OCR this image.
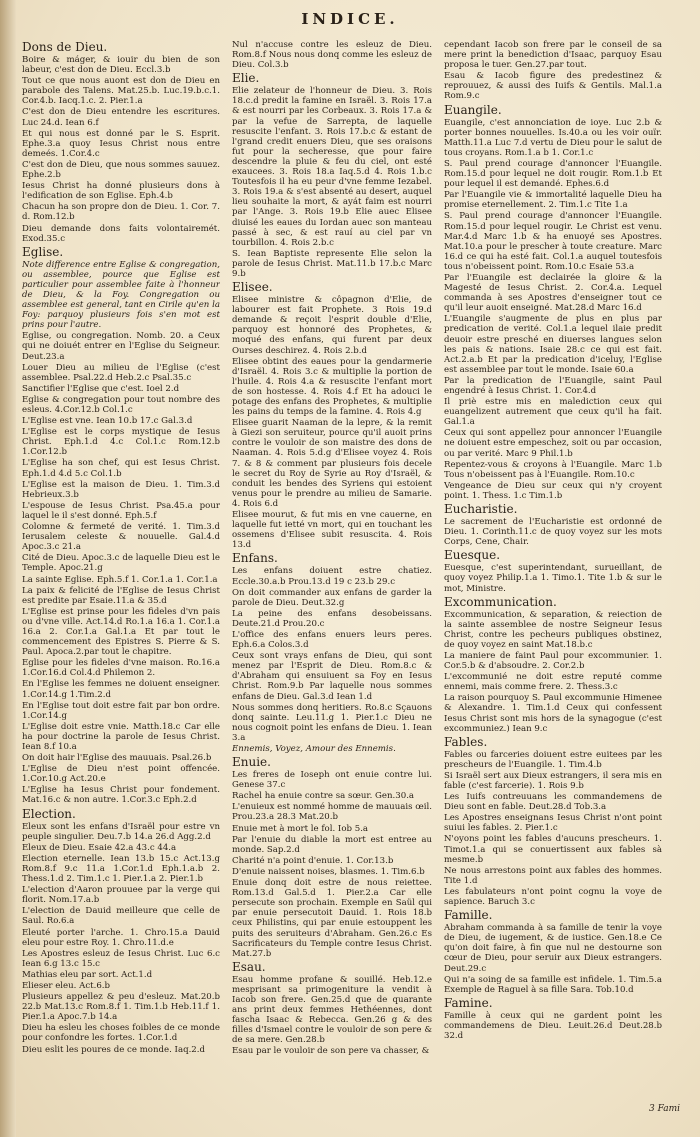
INDICE.

Dons de Dieu.

Boire & máger, & iouir du bien de son labeur, c'est don de Dieu. Eccl.3.b

Tout ce que nous auont est don de Dieu en parabole des Talens. Mat.25.b. Luc.19.b.c.1. Cor.4.b. Iacq.1.c. 2. Pier.1.a

C'est don de Dieu entendre les escritures. Luc 24.d. Iean 6.f

Et qui nous est donné par le S. Esprit. Ephe.3.a quoy Iesus Christ nous entre demeés. 1.Cor.4.c

C'est don de Dieu, que nous sommes sauuez. Ephe.2.b

Iesus Christ ha donné plusieurs dons à l'edification de son Eglise. Eph.4.b

Chacun ha son propre don de Dieu. 1. Cor. 7. d. Rom.12.b

Dieu demande dons faits volontairemét. Exod.35.c

Eglise.

Note difference entre Eglise & congregation, ou assemblee, pource que Eglise est particulier pour assemblee faite à l'honneur de Dieu, & la Foy. Congregation ou assemblee est general, tant en Cirile qu'en la Foy: parquoy plusieurs fois s'en mot est prins pour l'autre.

Eglise, ou congregation. Nomb. 20. a Ceux qui ne doiuét entrer en l'Eglise du Seigneur. Deut.23.a

Louer Dieu au milieu de l'Eglise (c'est assemblee. Psal.22.d Heb.2.c Psal.35.c

Sanctifier l'Eglise que c'est. Ioel 2.d

Eglise & congregation pour tout nombre des esleus. 4.Cor.12.b Col.1.c

L'Eglise est vne. Iean 10.b 17.c Gal.3.d

L'Eglise est le corps mystique de Iesus Christ. Eph.1.d 4.c Col.1.c Rom.12.b 1.Cor.12.b

L'Eglise ha son chef, qui est Iesus Christ. Eph.1.d 4.d 5.c Col.1.b

L'Eglise est la maison de Dieu. 1. Tim.3.d Hebrieux.3.b

L'espouse de Iesus Christ. Psa.45.a pour laquel le il s'est donné. Eph.5.f

Colomne & fermeté de verité. 1. Tim.3.d Ierusalem celeste & nouuelle. Gal.4.d Apoc.3.c 21.a

Cité de Dieu. Apoc.3.c de laquelle Dieu est le Temple. Apoc.21.g

La sainte Eglise. Eph.5.f 1. Cor.1.a 1. Cor.1.a

La paix & felicité de l'Eglise de Iesus Christ est predite par Esaie.11.a & 35.d

L'Eglise est prinse pour les fideles d'vn pais ou d'vne ville. Act.14.d Ro.1.a 16.a 1. Cor.1.a 16.a 2. Cor.1.a Gal.1.a Et par tout le commencement des Epistres S. Pierre & S. Paul. Apoca.2.par tout le chapitre.

Eglise pour les fideles d'vne maison. Ro.16.a 1.Cor.16.d Col.4.d Philemon 2.

En l'Eglise les femmes ne doiuent enseigner. 1.Cor.14.g 1.Tim.2.d

En l'Eglise tout doit estre fait par bon ordre. 1.Cor.14.g

L'Eglise doit estre vnie. Matth.18.c Car elle ha pour doctrine la parole de Iesus Christ. Iean 8.f 10.a

On doit hair l'Eglise des mauuais. Psal.26.b

L'Eglise de Dieu n'est point offencée. 1.Cor.10.g Act.20.e

L'Eglise ha Iesus Christ pour fondement. Mat.16.c & non autre. 1.Cor.3.c Eph.2.d

Election.

Eleux sont les enfans d'Israël pour estre vn peuple singulier. Deu.7.b 14.a 26.d Agg.2.d

Eleux de Dieu. Esaie 42.a 43.c 44.a

Election eternelle. Iean 13.b 15.c Act.13.g Rom.8.f 9.c 11.a 1.Cor.1.d Eph.1.a.b 2. Thess.1.d 2. Tim.1.c 1. Pier.1.a 2. Pier.1.b

L'election d'Aaron prouuee par la verge qui florit. Nom.17.a.b

L'election de Dauid meilleure que celle de Saul. Ro.6.a

Eleuté porter l'arche. 1. Chro.15.a Dauid eleu pour estre Roy. 1. Chro.11.d.e

Les Apostres esleuz de Iesus Christ. Luc 6.c Iean 6.g 13.c 15.c

Mathias eleu par sort. Act.1.d

Elieser eleu. Act.6.b

Plusieurs appellez & peu d'esleuz. Mat.20.b 22.b Mat.13.c Rom.8.f 1. Tim.1.b Heb.11.f 1. Pier.1.a Apoc.7.b 14.a

Dieu ha esleu les choses foibles de ce monde pour confondre les fortes. 1.Cor.1.d

Dieu eslit les poures de ce monde. Iaq.2.d

Nul n'accuse contre les esleuz de Dieu. Rom.8.f Nous nous donq comme les esleuz de Dieu. Col.3.b

Elie.

Elie zelateur de l'honneur de Dieu. 3. Rois 18.c.d predit la famine en Israël. 3. Rois 17.a & est nourri par les Corbeaux. 3. Rois 17.a & par la vefue de Sarrepta, de laquelle resuscite l'enfant. 3. Rois 17.b.c & estant de l'grand credit enuers Dieu, que ses oraisons fut pour la secheresse, que pour faire descendre la pluie & feu du ciel, ont esté exaucees. 3. Rois 18.a Iaq.5.d 4. Rois 1.b.c Toutesfois il ha eu peur d'vne femme Iezabel. 3. Rois 19.a & s'est absenté au desert, auquel lieu souhaite la mort, & ayát faim est nourri par l'Ange. 3. Rois 19.b Elie auec Elisee diuisé les eaues du Iordan auec son manteau passé à sec, & est rauí au ciel par vn tourbillon. 4. Rois 2.b.c

S. Iean Baptiste represente Elie selon la parole de Iesus Christ. Mat.11.b 17.b.c Marc 9.b

Elisee.

Elisee ministre & côpagnon d'Elie, de labourer est fait Prophete. 3 Rois 19.d demande & reçoit l'esprit double d'Elie, parquoy est honnoré des Prophetes, & moqué des enfans, qui furent par deux Ourses deschirez. 4. Rois 2.b.d

Elisee obtint des eaues pour la gendarmerie d'Israël. 4. Rois 3.c & multiplie la portion de l'huile. 4. Rois 4.a & resuscite l'enfant mort de son hostesse. 4. Rois 4.f Et ha adouci le potage des enfans des Prophetes, & multiplie les pains du temps de la famine. 4. Rois 4.g

Elisee guarit Naaman de la lepre, & la remit à Giezi son seruiteur, pource qu'il auoit prins contre le vouloir de son maistre des dons de Naaman. 4. Rois 5.d.g d'Elisee voyez 4. Rois 7. & 8 & comment par plusieurs fois decele le secret du Roy de Syrie au Roy d'Israël, & conduit les bendes des Syriens qui estoient venus pour le prendre au milieu de Samarie. 4. Rois 6.d

Elisee mourut, & fut mis en vne cauerne, en laquelle fut ietté vn mort, qui en touchant les ossemens d'Elisee subit resuscita. 4. Rois 13.d

Enfans.

Les enfans doiuent estre chatiez. Eccle.30.a.b Prou.13.d 19 c 23.b 29.c

On doit commander aux enfans de garder la parole de Dieu. Deut.32.g

La peine des enfans desobeissans. Deute.21.d Prou.20.c

L'office des enfans enuers leurs peres. Eph.6.a Colos.3.d

Ceux sont vrays enfans de Dieu, qui sont menez par l'Esprit de Dieu. Rom.8.c & d'Abraham qui ensuiuent sa Foy en Iesus Christ. Rom.9.b Par laquelle nous sommes enfans de Dieu. Gal.3.d Iean 1.d

Nous sommes donq heritiers. Ro.8.c Sçauons donq sainte. Leu.11.g 1. Pier.1.c Dieu ne nous cognoit point les enfans de Dieu. 1. Iean 3.a

Ennemis, Voyez, Amour des Ennemis.

Enuie.

Les freres de Ioseph ont enuie contre lui. Genese 37.c

Rachel ha enuie contre sa sœur. Gen.30.a

L'enuieux est nommé homme de mauuais œil. Prou.23.a 28.3 Mat.20.b

Enuie met à mort le fol. Iob 5.a

Par l'enuie du diable la mort est entree au monde. Sap.2.d

Charité n'a point d'enuie. 1. Cor.13.b

D'enuie naissent noises, blasmes. 1. Tim.6.b

Enuie donq doit estre de nous reiettee. Rom.13.d Gal.5.d 1. Pier.2.a Car elle persecute son prochain. Exemple en Saül qui par enuie persecutoit Dauid. 1. Rois 18.b ceux Philistins, qui par enuie estouppent les puits des seruiteurs d'Abraham. Gen.26.c Es Sacrificateurs du Temple contre Iesus Christ. Mat.27.b

Esau.

Esau homme profane & souillé. Heb.12.e mesprisant sa primogeniture la vendit à Iacob son frere. Gen.25.d que de quarante ans print deux femmes Hethéennes, dont fascha Isaac & Rebecca. Gen.26 g & des filles d'Ismael contre le vouloir de son pere & de sa mere. Gen.28.b

Esau par le vouloir de son pere va chasser, &

cependant Iacob son frere par le conseil de sa mere print la benediction d'Isaac, parquoy Esau proposa le tuer. Gen.27.par tout.

Esau & Iacob figure des predestinez & reprouuez, & aussi des Iuifs & Gentils. Mal.1.a Rom.9.c

Euangile.

Euangile, c'est annonciation de ioye. Luc 2.b & porter bonnes nouuelles. Is.40.a ou les voir ouïr. Matth.11.a Luc 7.d vertu de Dieu pour le salut de tous croyans. Rom.1.a b 1. Cor.1.c

S. Paul prend courage d'annoncer l'Euangile. Rom.15.d pour lequel ne doit rougir. Rom.1.b Et pour lequel il est demandé. Ephes.6.d

Par l'Euangile vie & immortalité laquelle Dieu ha promise eternellement. 2. Tim.1.c Tite 1.a

S. Paul prend courage d'annoncer l'Euangile. Rom.15.d pour lequel rougir. Le Christ est venu. Mar.4.d Marc 1.b & ha enuoyé ses Apostres. Mat.10.a pour le prescher à toute creature. Marc 16.d ce qui ha esté fait. Col.1.a auquel toutesfois tous n'obeissent point. Rom.10.c Esaie 53.a

Par l'Euangile est declairée la gloire & la Magesté de Iesus Christ. 2. Cor.4.a. Lequel commanda à ses Apostres d'enseigner tout ce qu'il leur auoit enseigné. Mat.28.d Marc 16.d

L'Euangile s'augmente de plus en plus par predication de verité. Col.1.a lequel ilaie predit deuoir estre presché en diuerses langues selon les pais & nations. Isaie 28.c ce qui est fait. Act.2.a.b Et par la predication d'iceluy, l'Eglise est assemblee par tout le monde. Isaie 60.a

Par la predication de l'Euangile, saint Paul engendré à Iesus Christ. 1. Cor.4.d

Il priè estre mis en malediction ceux qui euangelizent autrement que ceux qu'il ha fait. Gal.1.a

Ceux qui sont appellez pour annoncer l'Euangile ne doiuent estre empeschez, soit ou par occasion, ou par verité. Marc 9 Phil.1.b

Repentez-vous & croyons à l'Euangile. Marc 1.b Tous n'obeissent pas à l'Euangile. Rom.10.c

Vengeance de Dieu sur ceux qui n'y croyent point. 1. Thess. 1.c Tim.1.b

Eucharistie.

Le sacrement de l'Eucharistie est ordonné de Dieu. 1. Corinth.11.c de quoy voyez sur les mots Corps, Cene, Chair.

Euesque.

Euesque, c'est superintendant, surueillant, de quoy voyez Philip.1.a 1. Timo.1. Tite 1.b & sur le mot, Ministre.

Excommunication.

Excommunication, & separation, & reiection de la sainte assemblee de nostre Seigneur Iesus Christ, contre les pecheurs publiques obstinez, de quoy voyez en saint Mat.18.b.c

La maniere de faint Paul pour excommunier. 1. Cor.5.b & d'absoudre. 2. Cor.2.b

L'excommunié ne doit estre reputé comme ennemi, mais comme frere. 2. Thess.3.c

La raison pourquoy S. Paul excommunie Himenee & Alexandre. 1. Tim.1.d Ceux qui confessent Iesus Christ sont mis hors de la synagogue (c'est excommuniez.) Iean 9.c

Fables.

Fables ou farceries doiuent estre euitees par les prescheurs de l'Euangile. 1. Tim.4.b

Si Israël sert aux Dieux estrangers, il sera mis en fable (c'est farcerie). 1. Rois 9.b

Les Iuifs contreuuans les commandemens de Dieu sont en fable. Deut.28.d Tob.3.a

Les Apostres enseignans Iesus Christ n'ont point suiui les fables. 2. Pier.1.c

N'oyons point les fables d'aucuns prescheurs. 1. Timot.1.a qui se conuertissent aux fables sà mesme.b

Ne nous arrestons point aux fables des hommes. Tite 1.d

Les fabulateurs n'ont point cognu la voye de sapience. Baruch 3.c

Famille.

Abraham commanda à sa famille de tenir la voye de Dieu, de iugement, & de iustice. Gen.18.e Ce qu'on doit faire, à fin que nul ne destourne son cœur de Dieu, pour seruir aux Dieux estrangers. Deut.29.c

Qui n'a soing de sa famille est infidele. 1. Tim.5.a Exemple de Raguel à sa fille Sara. Tob.10.d

Famine.

Famille à ceux qui ne gardent point les commandemens de Dieu. Leuit.26.d Deut.28.b 32.d

3 Fami
